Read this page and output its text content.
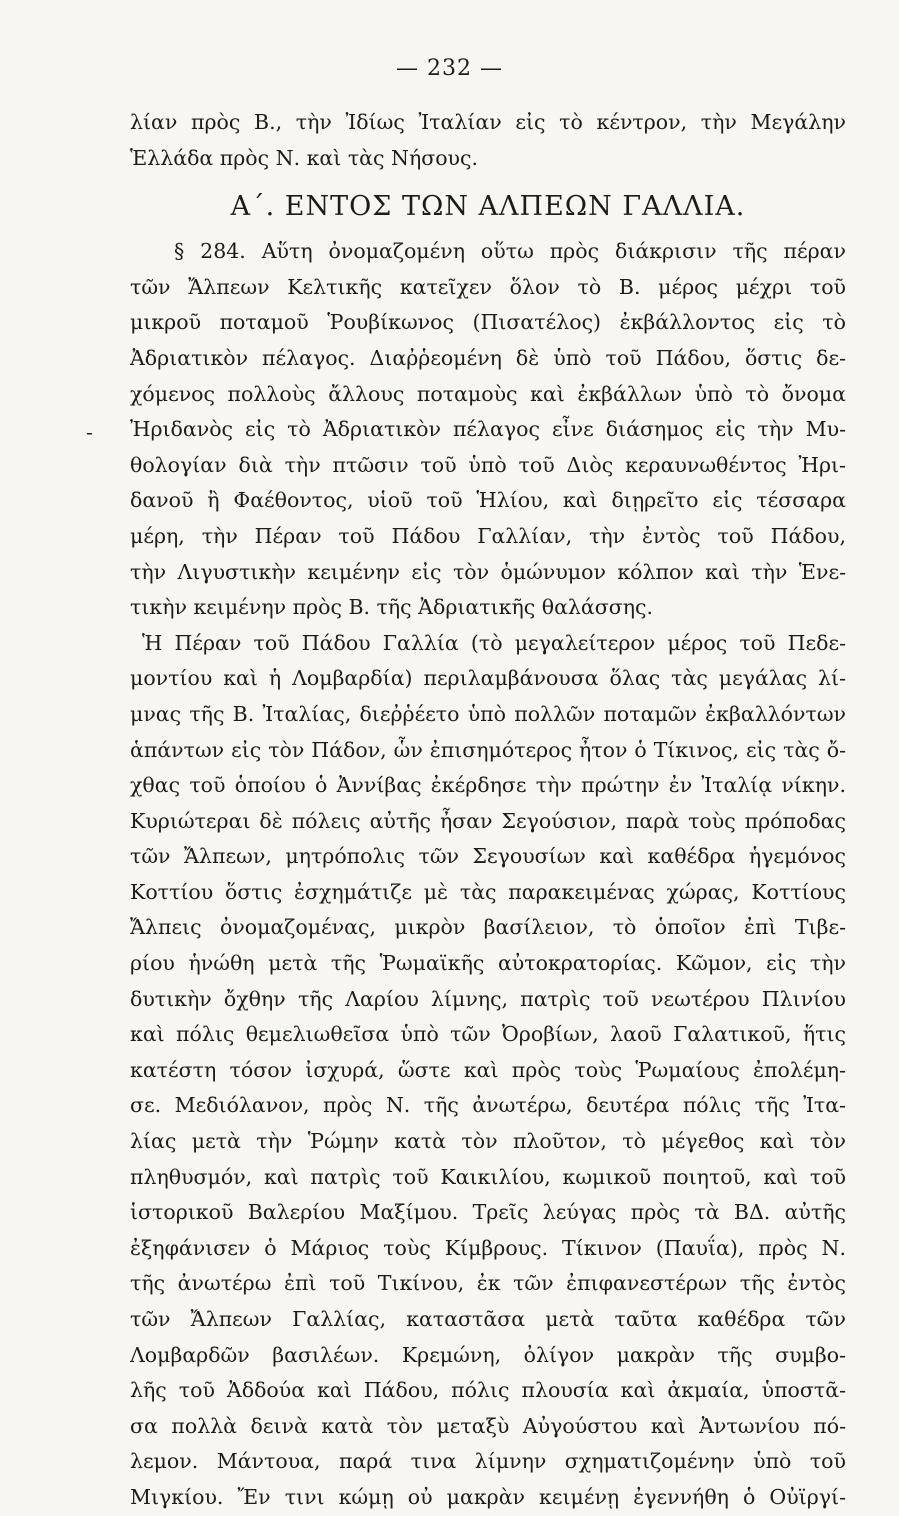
— 232 —
-
λίαν πρὸς Β., τὴν Ἰδίως Ἰταλίαν εἰς τὸ κέντρον, τὴν Μεγάλην
Ἑλλάδα πρὸς Ν. καὶ τὰς Νήσους.
Α΄. ΕΝΤΟΣ ΤΩΝ ΑΛΠΕΩΝ ΓΑΛΛΙΑ.
§ 284. Αὕτη ὀνομαζομένη οὕτω πρὸς διάκρισιν τῆς πέραν
τῶν Ἄλπεων Κελτικῆς κατεῖχεν ὅλον τὸ Β. μέρος μέχρι τοῦ
μικροῦ ποταμοῦ Ῥουβίκωνος (Πισατέλος) ἐκβάλλοντος εἰς τὸ
Ἀδριατικὸν πέλαγος. Διαῤῥεομένη δὲ ὑπὸ τοῦ Πάδου, ὅστις δε-
χόμενος πολλοὺς ἄλλους ποταμοὺς καὶ ἐκβάλλων ὑπὸ τὸ ὄνομα
Ἠριδανὸς εἰς τὸ Ἀδριατικὸν πέλαγος εἶνε διάσημος εἰς τὴν Μυ-
θολογίαν διὰ τὴν πτῶσιν τοῦ ὑπὸ τοῦ Διὸς κεραυνωθέντος Ἠρι-
δανοῦ ἢ Φαέθοντος, υἱοῦ τοῦ Ἡλίου, καὶ διῃρεῖτο εἰς τέσσαρα
μέρη, τὴν Πέραν τοῦ Πάδου Γαλλίαν, τὴν ἐντὸς τοῦ Πάδου,
τὴν Λιγυστικὴν κειμένην εἰς τὸν ὁμώνυμον κόλπον καὶ τὴν Ἑνε-
τικὴν κειμένην πρὸς Β. τῆς Ἀδριατικῆς θαλάσσης.
Ἡ Πέραν τοῦ Πάδου Γαλλία (τὸ μεγαλείτερον μέρος τοῦ Πεδε-
μοντίου καὶ ἡ Λομβαρδία) περιλαμβάνουσα ὅλας τὰς μεγάλας λί-
μνας τῆς Β. Ἰταλίας, διεῤῥέετο ὑπὸ πολλῶν ποταμῶν ἐκβαλλόντων
ἁπάντων εἰς τὸν Πάδον, ὧν ἐπισημότερος ἦτον ὁ Τίκινος, εἰς τὰς ὄ-
χθας τοῦ ὁποίου ὁ Ἀννίβας ἐκέρδησε τὴν πρώτην ἐν Ἰταλίᾳ νίκην.
Κυριώτεραι δὲ πόλεις αὐτῆς ἦσαν Σεγούσιον, παρὰ τοὺς πρόποδας
τῶν Ἄλπεων, μητρόπολις τῶν Σεγουσίων καὶ καθέδρα ἡγεμόνος
Κοττίου ὅστις ἐσχημάτιζε μὲ τὰς παρακειμένας χώρας, Κοττίους
Ἄλπεις ὀνομαζομένας, μικρὸν βασίλειον, τὸ ὁποῖον ἐπὶ Τιβε-
ρίου ἡνώθη μετὰ τῆς Ῥωμαϊκῆς αὐτοκρατορίας. Κῶμον, εἰς τὴν
δυτικὴν ὄχθην τῆς Λαρίου λίμνης, πατρὶς τοῦ νεωτέρου Πλινίου
καὶ πόλις θεμελιωθεῖσα ὑπὸ τῶν Ὀροβίων, λαοῦ Γαλατικοῦ, ἥτις
κατέστη τόσον ἰσχυρά, ὥστε καὶ πρὸς τοὺς Ῥωμαίους ἐπολέμη-
σε. Μεδιόλανον, πρὸς Ν. τῆς ἀνωτέρω, δευτέρα πόλις τῆς Ἰτα-
λίας μετὰ τὴν Ῥώμην κατὰ τὸν πλοῦτον, τὸ μέγεθος καὶ τὸν
πληθυσμόν, καὶ πατρὶς τοῦ Καικιλίου, κωμικοῦ ποιητοῦ, καὶ τοῦ
ἱστορικοῦ Βαλερίου Μαξίμου. Τρεῖς λεύγας πρὸς τὰ ΒΔ. αὐτῆς
ἐξηφάνισεν ὁ Μάριος τοὺς Κίμβρους. Τίκινον (Παυΐα), πρὸς Ν.
τῆς ἀνωτέρω ἐπὶ τοῦ Τικίνου, ἐκ τῶν ἐπιφανεστέρων τῆς ἐντὸς
τῶν Ἄλπεων Γαλλίας, καταστᾶσα μετὰ ταῦτα καθέδρα τῶν
Λομβαρδῶν βασιλέων. Κρεμώνη, ὀλίγον μακρὰν τῆς συμβο-
λῆς τοῦ Ἀδδούα καὶ Πάδου, πόλις πλουσία καὶ ἀκμαία, ὑποστᾶ-
σα πολλὰ δεινὰ κατὰ τὸν μεταξὺ Αὐγούστου καὶ Ἀντωνίου πό-
λεμον. Μάντουα, παρά τινα λίμνην σχηματιζομένην ὑπὸ τοῦ
Μιγκίου. Ἔν τινι κώμῃ οὐ μακρὰν κειμένῃ ἐγεννήθη ὁ Οὐϊργί-
